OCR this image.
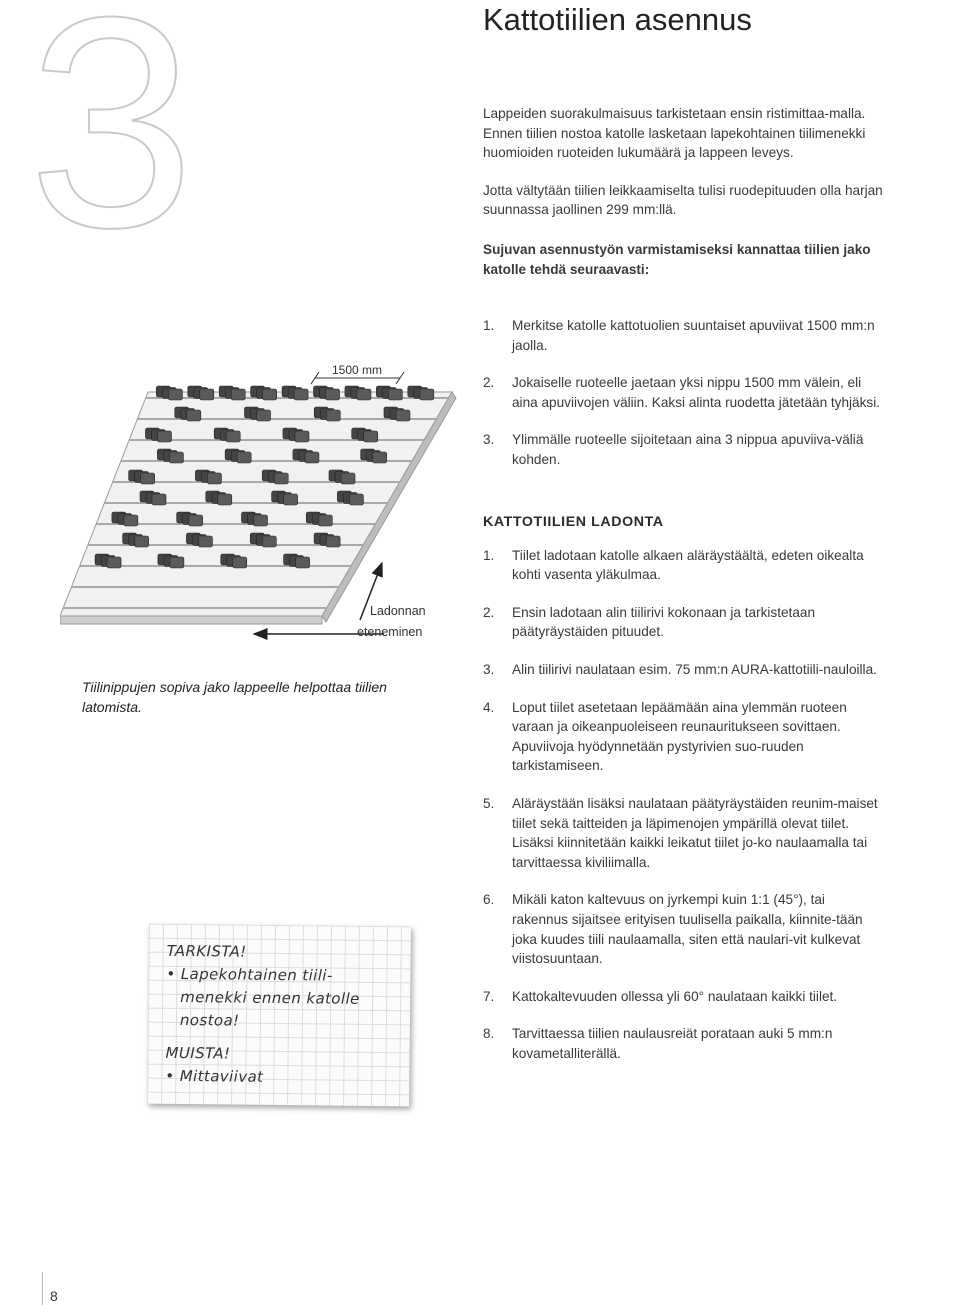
3	Kattotiilien asennus

Lappeiden suorakulmaisuus tarkistetaan ensin ristimittaa-malla. Ennen tiilien nostoa katolle lasketaan lapekohtainen tiilimenekki huomioiden ruoteiden lukumäärä ja lappeen leveys.

Jotta vältytään tiilien leikkaamiselta tulisi ruodepituuden olla harjan suunnassa jaollinen 299 mm:llä.

Sujuvan asennustyön varmistamiseksi kannattaa tiilien jako katolle tehdä seuraavasti:

1. Merkitse katolle kattotuolien suuntaiset apuviivat 1500 mm:n jaolla.
2. Jokaiselle ruoteelle jaetaan yksi nippu 1500 mm välein, eli aina apuviivojen väliin. Kaksi alinta ruodetta jätetään tyhjäksi.
3. Ylimmälle ruoteelle sijoitetaan aina 3 nippua apuviiva-väliä kohden.
KATTOTIILIEN LADONTA
1. Tiilet ladotaan katolle alkaen aläräystäältä, edeten oikealta kohti vasenta yläkulmaa.
2. Ensin ladotaan alin tiilirivi kokonaan ja tarkistetaan päätyräystäiden pituudet.
3. Alin tiilirivi naulataan esim. 75 mm:n AURA-kattotiili-nauloilla.
4. Loput tiilet asetetaan lepäämään aina ylemmän ruoteen varaan ja oikeanpuoleiseen reunauritukseen sovittaen. Apuviivoja hyödynnetään pystyrivien suo-ruuden tarkistamiseen.
5. Aläräystään lisäksi naulataan päätyräystäiden reunim-maiset tiilet sekä taitteiden ja läpimenojen ympärillä olevat tiilet. Lisäksi kiinnitetään kaikki leikatut tiilet jo-ko naulaamalla tai tarvittaessa kiviliimalla.
6. Mikäli katon kaltevuus on jyrkempi kuin 1:1 (45°), tai rakennus sijaitsee erityisen tuulisella paikalla, kiinnite-tään joka kuudes tiili naulaamalla, siten että naulari-vit kulkevat viistosuuntaan.
7. Kattokaltevuuden ollessa yli 60° naulataan kaikki tiilet.
8. Tarvittaessa tiilien naulausreiät porataan auki 5 mm:n kovametalliterällä.
1500 mm
Ladonnan
eteneminen
Tiilinippujen sopiva jako lappeelle helpottaa tiilien latomista.
TARKISTA!
• Lapekohtainen tiili-
menekki ennen katolle
nostoa!
MUISTA!
• Mittaviivat
8
